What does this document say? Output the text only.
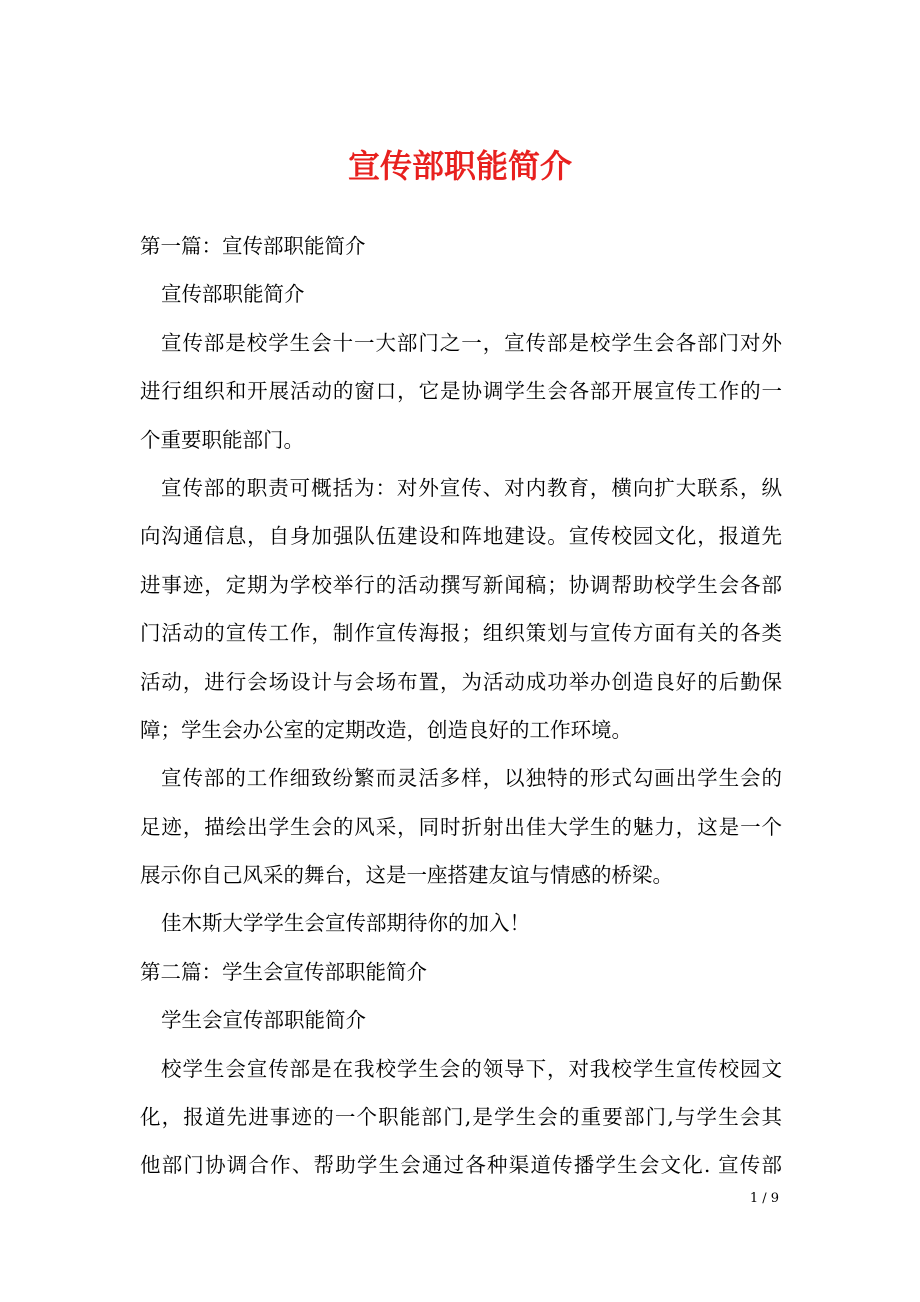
宣传部职能简介

第一篇：宣传部职能简介

宣传部职能简介

宣传部是校学生会十一大部门之一，宣传部是校学生会各部门对外

进行组织和开展活动的窗口，它是协调学生会各部开展宣传工作的一

个重要职能部门。

宣传部的职责可概括为：对外宣传、对内教育，横向扩大联系，纵

向沟通信息，自身加强队伍建设和阵地建设。宣传校园文化，报道先

进事迹，定期为学校举行的活动撰写新闻稿；协调帮助校学生会各部

门活动的宣传工作，制作宣传海报；组织策划与宣传方面有关的各类

活动，进行会场设计与会场布置，为活动成功举办创造良好的后勤保

障；学生会办公室的定期改造，创造良好的工作环境。

宣传部的工作细致纷繁而灵活多样，以独特的形式勾画出学生会的

足迹，描绘出学生会的风采，同时折射出佳大学生的魅力，这是一个

展示你自己风采的舞台，这是一座搭建友谊与情感的桥梁。

佳木斯大学学生会宣传部期待你的加入！

第二篇：学生会宣传部职能简介

学生会宣传部职能简介

校学生会宣传部是在我校学生会的领导下，对我校学生宣传校园文

化，报道先进事迹的一个职能部门,是学生会的重要部门,与学生会其

他部门协调合作、帮助学生会通过各种渠道传播学生会文化. 宣传部

1 / 9
